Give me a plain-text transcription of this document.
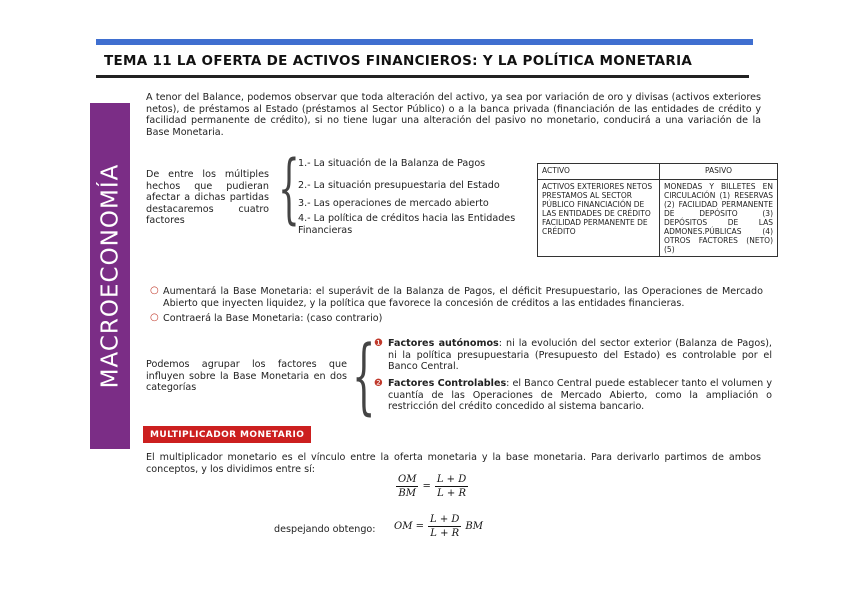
TEMA 11 LA OFERTA DE ACTIVOS FINANCIEROS: Y LA POLÍTICA MONETARIA
MACROECONOMÍA
A tenor del Balance, podemos observar que toda alteración del activo, ya sea por variación de oro y divisas (activos exteriores netos), de préstamos al Estado (préstamos al Sector Público) o a la banca privada (financiación de las entidades de crédito y facilidad permanente de crédito), si no tiene lugar una alteración del pasivo no monetario, conducirá a una variación de la Base Monetaria.
De entre los múltiples hechos que pudieran afectar a dichas partidas destacaremos cuatro factores	{
1.- La situación de la Balanza de Pagos
2.- La situación presupuestaria del Estado
3.- Las operaciones de mercado abierto
4.- La política de créditos hacia las Entidades Financieras
ACTIVO	PASIVO
ACTIVOS EXTERIORES NETOS PRESTAMOS AL SECTOR PÚBLICO FINANCIACIÓN DE LAS ENTIDADES DE CRÉDITO FACILIDAD PERMANENTE DE CRÉDITO	MONEDAS Y BILLETES EN CIRCULACIÓN (1) RESERVAS (2) FACILIDAD PERMANENTE DE DEPÓSITO (3) DEPÓSITOS DE LAS ADMONES.PÚBLICAS (4) OTROS FACTORES (NETO) (5)
○ Aumentará la Base Monetaria: el superávit de la Balanza de Pagos, el déficit Presupuestario, las Operaciones de Mercado Abierto que inyecten liquidez, y la política que favorece la concesión de créditos a las entidades financieras.
○ Contraerá la Base Monetaria: (caso contrario)
Podemos agrupar los factores que influyen sobre la Base Monetaria en dos categorías	{
❶ Factores autónomos: ni la evolución del sector exterior (Balanza de Pagos), ni la política presupuestaria (Presupuesto del Estado) es controlable por el Banco Central.
❷ Factores Controlables: el Banco Central puede establecer tanto el volumen y cuantía de las Operaciones de Mercado Abierto, como la ampliación o restricción del crédito concedido al sistema bancario.
MULTIPLICADOR MONETARIO
El multiplicador monetario es el vínculo entre la oferta monetaria y la base monetaria. Para derivarlo partimos de ambos conceptos, y los dividimos entre sí:
$\frac{OM}{BM} = \frac{L + D}{L + R}$
despejando obtengo: OM = $\frac{L + D}{L + R}$ BM
